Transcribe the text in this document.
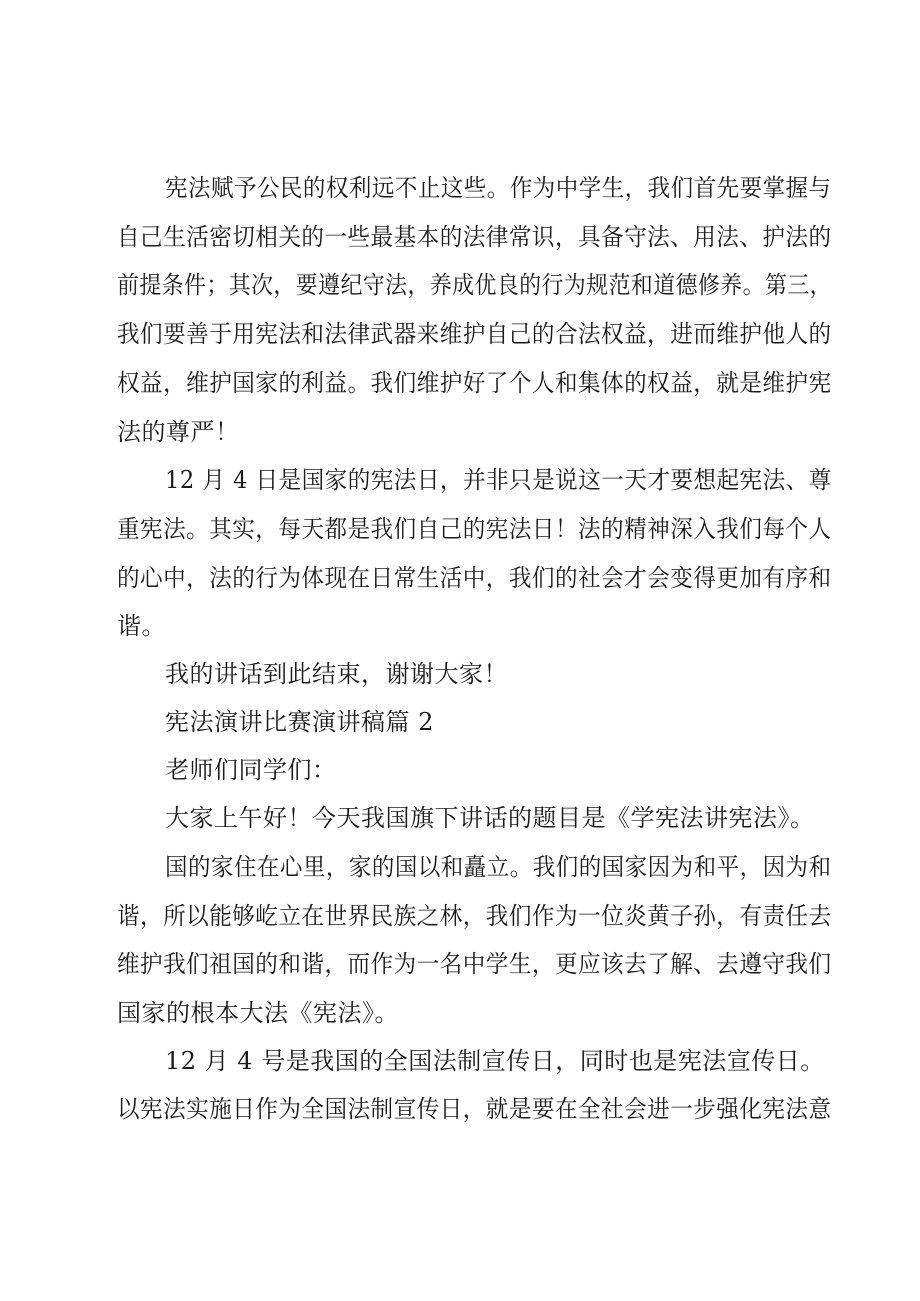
宪法赋予公民的权利远不止这些。作为中学生，我们首先要掌握与

自己生活密切相关的一些最基本的法律常识，具备守法、用法、护法的

前提条件；其次，要遵纪守法，养成优良的行为规范和道德修养。第三，

我们要善于用宪法和法律武器来维护自己的合法权益，进而维护他人的

权益，维护国家的利益。我们维护好了个人和集体的权益，就是维护宪

法的尊严！

12 月 4 日是国家的宪法日，并非只是说这一天才要想起宪法、尊

重宪法。其实，每天都是我们自己的宪法日！法的精神深入我们每个人

的心中，法的行为体现在日常生活中，我们的社会才会变得更加有序和

谐。

我的讲话到此结束，谢谢大家！

宪法演讲比赛演讲稿篇 2

老师们同学们：

大家上午好！今天我国旗下讲话的题目是《学宪法讲宪法》。

国的家住在心里，家的国以和矗立。我们的国家因为和平，因为和

谐，所以能够屹立在世界民族之林，我们作为一位炎黄子孙，有责任去

维护我们祖国的和谐，而作为一名中学生，更应该去了解、去遵守我们

国家的根本大法《宪法》。

12 月 4 号是我国的全国法制宣传日，同时也是宪法宣传日。

以宪法实施日作为全国法制宣传日，就是要在全社会进一步强化宪法意
